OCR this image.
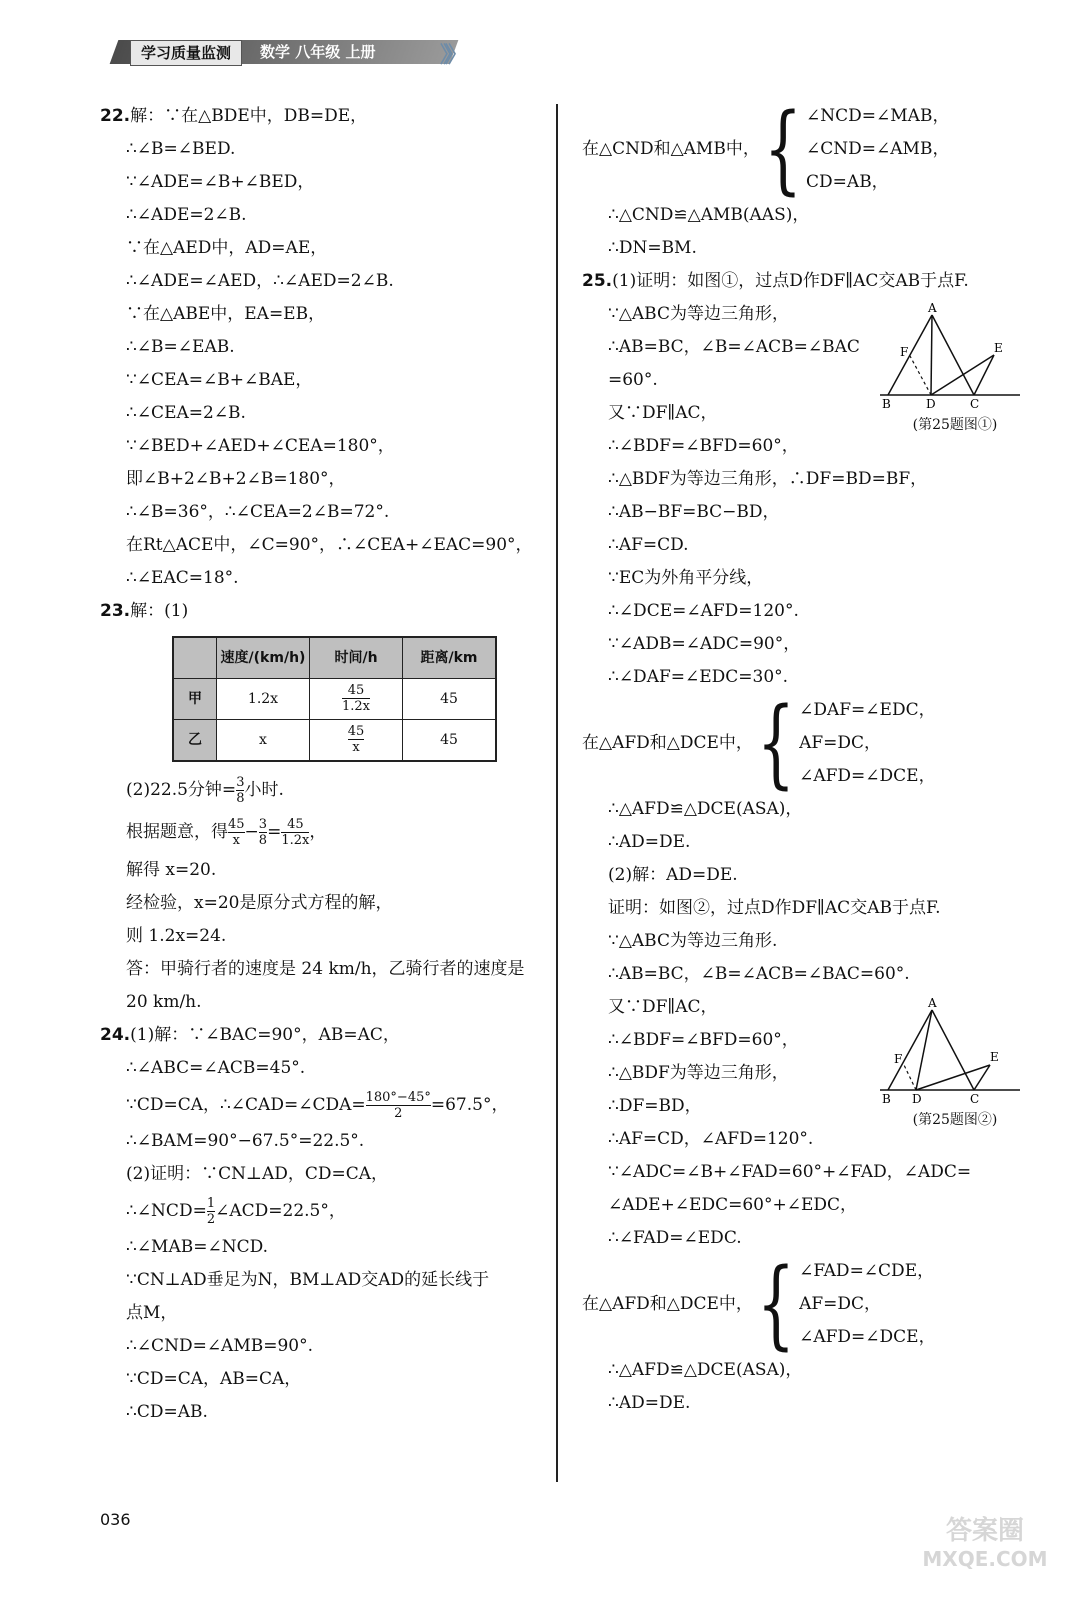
学习质量监测	数学 八年级 上册	》》
22.解：∵在△BDE中，DB=DE，
∴∠B=∠BED.
∵∠ADE=∠B+∠BED，
∴∠ADE=2∠B.
∵在△AED中，AD=AE，
∴∠ADE=∠AED，∴∠AED=2∠B.
∵在△ABE中，EA=EB，
∴∠B=∠EAB.
∵∠CEA=∠B+∠BAE，
∴∠CEA=2∠B.
∵∠BED+∠AED+∠CEA=180°，
即∠B+2∠B+2∠B=180°，
∴∠B=36°，∴∠CEA=2∠B=72°.
在Rt△ACE中，∠C=90°，∴∠CEA+∠EAC=90°，
∴∠EAC=18°.
23.解：(1)
	速度/(km/h)	时间/h	距离/km
甲	1.2x	$\frac{45}{1.2x}$	45
乙	x	$\frac{45}{x}$	45
(2)22.5分钟= $\frac{3}{8}$ 小时.
根据题意，得 $\frac{45}{x} - \frac{3}{8} = \frac{45}{1.2x}$ ，
解得 x=20.
经检验，x=20是原分式方程的解，
则 1.2x=24.
答：甲骑行者的速度是 24 km/h，乙骑行者的速度是
20 km/h.
24.(1)解：∵∠BAC=90°，AB=AC，
∴∠ABC=∠ACB=45°.
∵CD=CA，∴∠CAD=∠CDA= $\frac{180^\circ-45^\circ}{2} =67.5^\circ$，
∴∠BAM=90°−67.5°=22.5°.
(2)证明：∵CN⊥AD，CD=CA，
∴∠NCD= $\frac{1}{2}$ ∠ACD=22.5°，
∴∠MAB=∠NCD.
∵CN⊥AD垂足为N，BM⊥AD交AD的延长线于
点M，
∴∠CND=∠AMB=90°.
∵CD=CA，AB=CA，
∴CD=AB.
在△CND和△AMB中， { ∠NCD=∠MAB，
∠CND=∠AMB，
CD=AB，
∴△CND≌△AMB(AAS)，
∴DN=BM.
25.(1)证明：如图①，过点D作DF∥AC交AB于点F.
∵△ABC为等边三角形，
∴AB=BC，∠B=∠ACB=∠BAC
=60°.
又∵DF∥AC，
∴∠BDF=∠BFD=60°，
∴△BDF为等边三角形，∴DF=BD=BF，
∴AB−BF=BC−BD，
∴AF=CD.
∵EC为外角平分线，
∴∠DCE=∠AFD=120°.
∵∠ADB=∠ADC=90°，
∴∠DAF=∠EDC=30°.
在△AFD和△DCE中， { ∠DAF=∠EDC，
AF=DC，
∠AFD=∠DCE，
∴△AFD≌△DCE(ASA)，
∴AD=DE.
(2)解：AD=DE.
证明：如图②，过点D作DF∥AC交AB于点F.
∵△ABC为等边三角形.
∴AB=BC，∠B=∠ACB=∠BAC=60°.
又∵DF∥AC，
∴∠BDF=∠BFD=60°，
∴△BDF为等边三角形，
∴DF=BD，
∴AF=CD，∠AFD=120°.
∵∠ADC=∠B+∠FAD=60°+∠FAD，∠ADC=
∠ADE+∠EDC=60°+∠EDC，
∴∠FAD=∠EDC.
在△AFD和△DCE中， { ∠FAD=∠CDE，
AF=DC，
∠AFD=∠DCE，
∴△AFD≌△DCE(ASA)，
∴AD=DE.
A
B	C
D
E
F
(第25题图①)
A
B	C
D
E
F
(第25题图②)
036	答案圈
MXQE.COM
